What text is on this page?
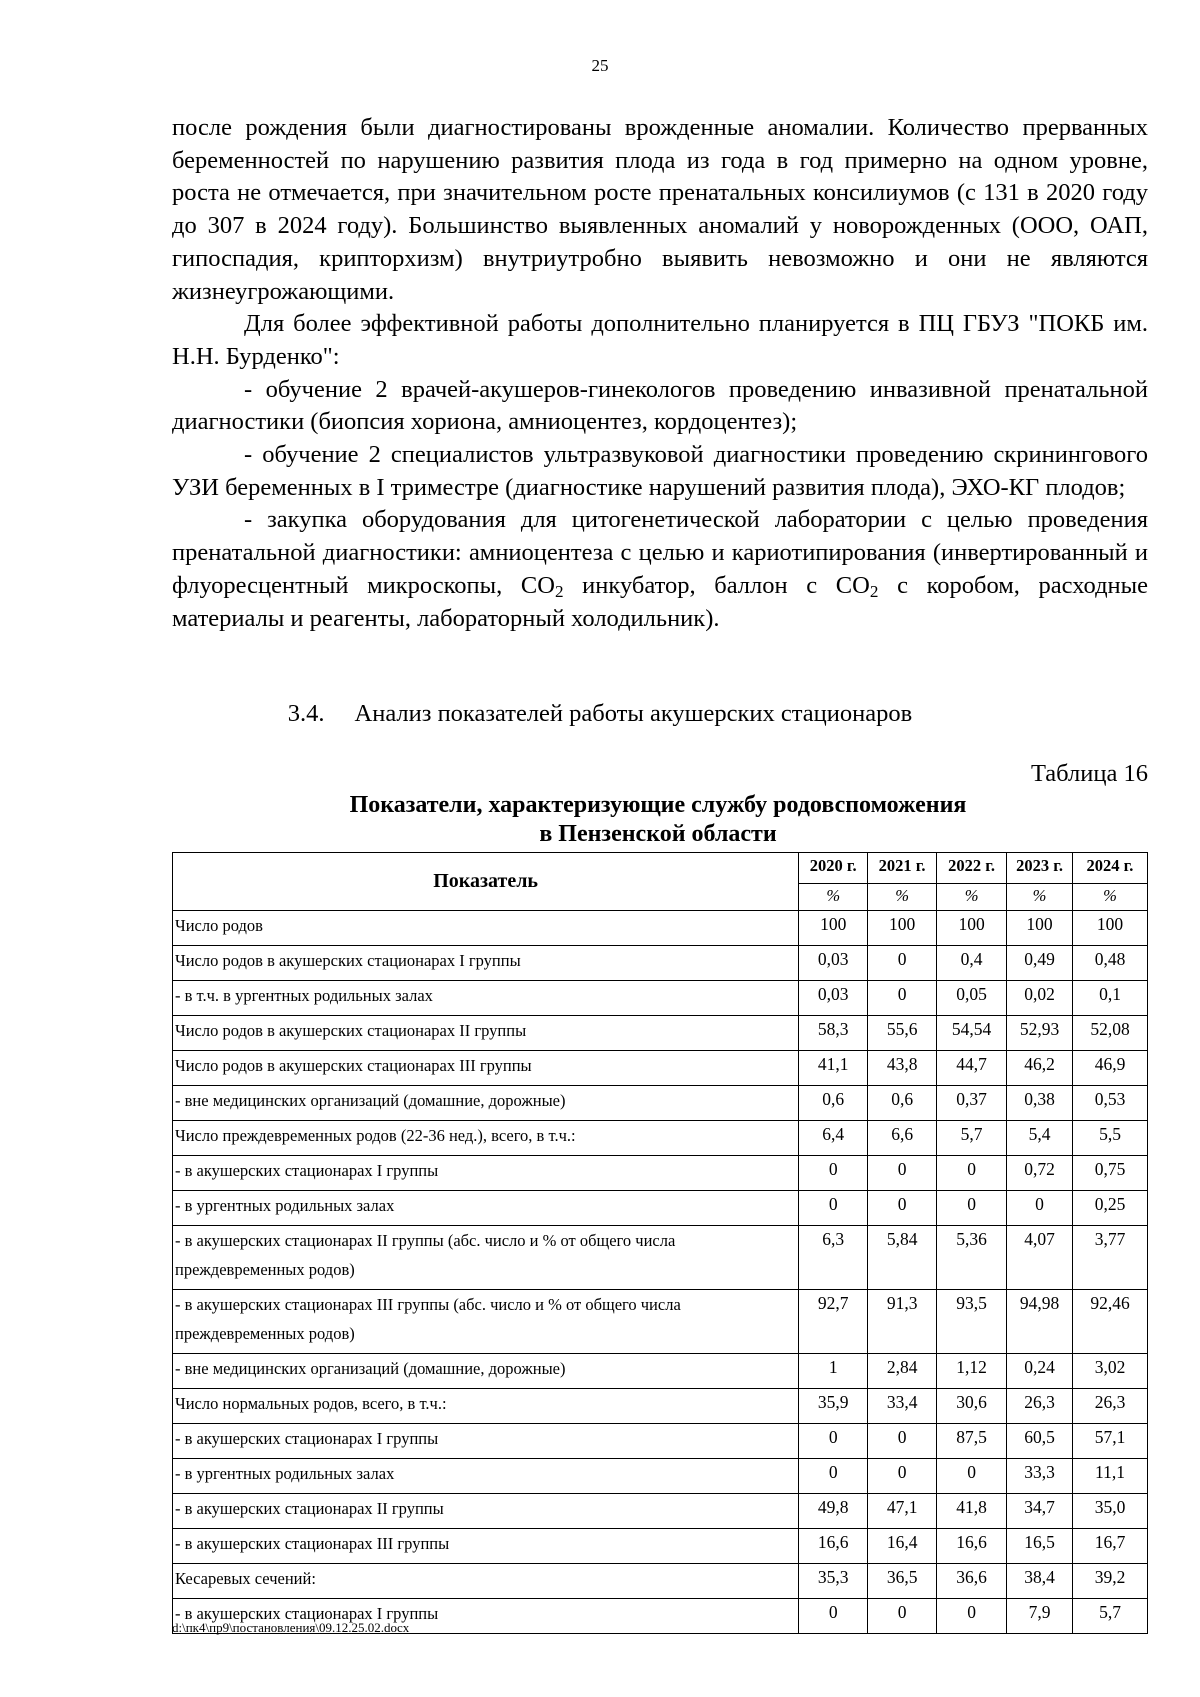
25

после рождения были диагностированы врожденные аномалии. Количество прерванных беременностей по нарушению развития плода из года в год примерно на одном уровне, роста не отмечается, при значительном росте пренатальных консилиумов (с 131 в 2020 году до 307 в 2024 году). Большинство выявленных аномалий у новорожденных (ООО, ОАП, гипоспадия, крипторхизм) внутриутробно выявить невозможно и они не являются жизнеугрожающими.

Для более эффективной работы дополнительно планируется в ПЦ ГБУЗ "ПОКБ им. Н.Н. Бурденко":

- обучение 2 врачей-акушеров-гинекологов проведению инвазивной пренатальной диагностики (биопсия хориона, амниоцентез, кордоцентез);

- обучение 2 специалистов ультразвуковой диагностики проведению скринингового УЗИ беременных в I триместре (диагностике нарушений развития плода), ЭХО-КГ плодов;

- закупка оборудования для цитогенетической лаборатории с целью проведения пренатальной диагностики: амниоцентеза с целью и кариотипирования (инвертированный и флуоресцентный микроскопы, $СО_2$ инкубатор, баллон с $СО_2$ с коробом, расходные материалы и реагенты, лабораторный холодильник).

3.4. Анализ показателей работы акушерских стационаров
Таблица 16
Показатели, характеризующие службу родовспоможения
в Пензенской области
Показатель	2020 г.	2021 г.	2022 г.	2023 г.	2024 г.
	%	%	%	%	%
Число родов	100	100	100	100	100
Число родов в акушерских стационарах I группы	0,03	0	0,4	0,49	0,48
- в т.ч. в ургентных родильных залах	0,03	0	0,05	0,02	0,1
Число родов в акушерских стационарах II группы	58,3	55,6	54,54	52,93	52,08
Число родов в акушерских стационарах III группы	41,1	43,8	44,7	46,2	46,9
- вне медицинских организаций (домашние, дорожные)	0,6	0,6	0,37	0,38	0,53
Число преждевременных родов (22-36 нед.), всего, в т.ч.:	6,4	6,6	5,7	5,4	5,5
- в акушерских стационарах I группы	0	0	0	0,72	0,75
- в ургентных родильных залах	0	0	0	0	0,25
- в акушерских стационарах II группы (абс. число и % от общего числа преждевременных родов)	6,3	5,84	5,36	4,07	3,77
- в акушерских стационарах III группы (абс. число и % от общего числа преждевременных родов)	92,7	91,3	93,5	94,98	92,46
- вне медицинских организаций (домашние, дорожные)	1	2,84	1,12	0,24	3,02
Число нормальных родов, всего, в т.ч.:	35,9	33,4	30,6	26,3	26,3
- в акушерских стационарах I группы	0	0	87,5	60,5	57,1
- в ургентных родильных залах	0	0	0	33,3	11,1
- в акушерских стационарах II группы	49,8	47,1	41,8	34,7	35,0
- в акушерских стационарах III группы	16,6	16,4	16,6	16,5	16,7
Кесаревых сечений:	35,3	36,5	36,6	38,4	39,2
- в акушерских стационарах I группы	0	0	0	7,9	5,7
d:\пк4\пр9\постановления\09.12.25.02.docx
